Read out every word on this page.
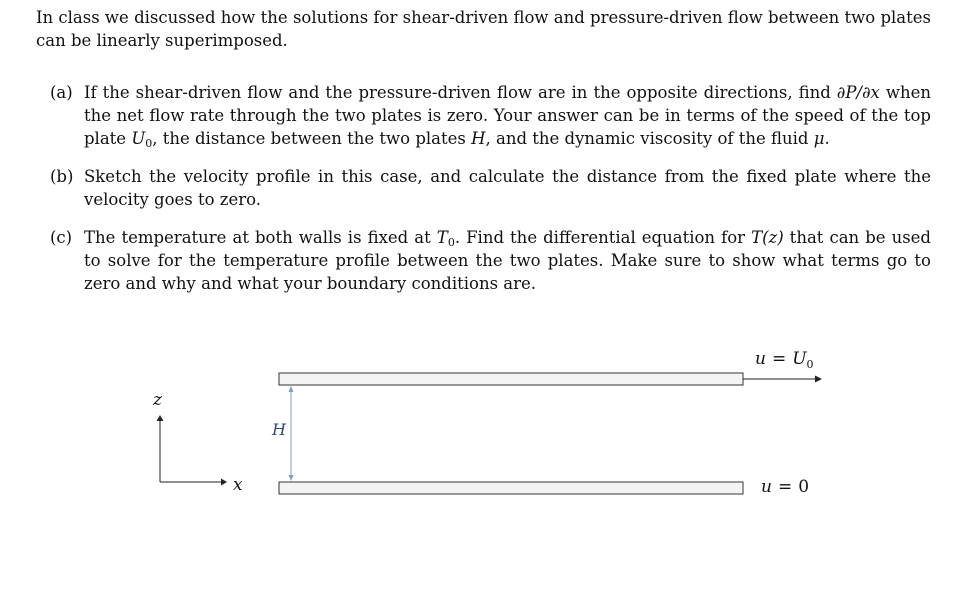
In class we discussed how the solutions for shear-driven flow and pressure-driven flow between two plates can be linearly superimposed.

(a) If the shear-driven flow and the pressure-driven flow are in the opposite directions, find ∂P/∂x when the net flow rate through the two plates is zero. Your answer can be in terms of the speed of the top plate $U_0$, the distance between the two plates H, and the dynamic viscosity of the fluid μ.
(b) Sketch the velocity profile in this case, and calculate the distance from the fixed plate where the velocity goes to zero.
(c) The temperature at both walls is fixed at $T_0$. Find the differential equation for T(z) that can be used to solve for the temperature profile between the two plates. Make sure to show what terms go to zero and why and what your boundary conditions are.
z
x
H
$u = U_0$
u = 0
